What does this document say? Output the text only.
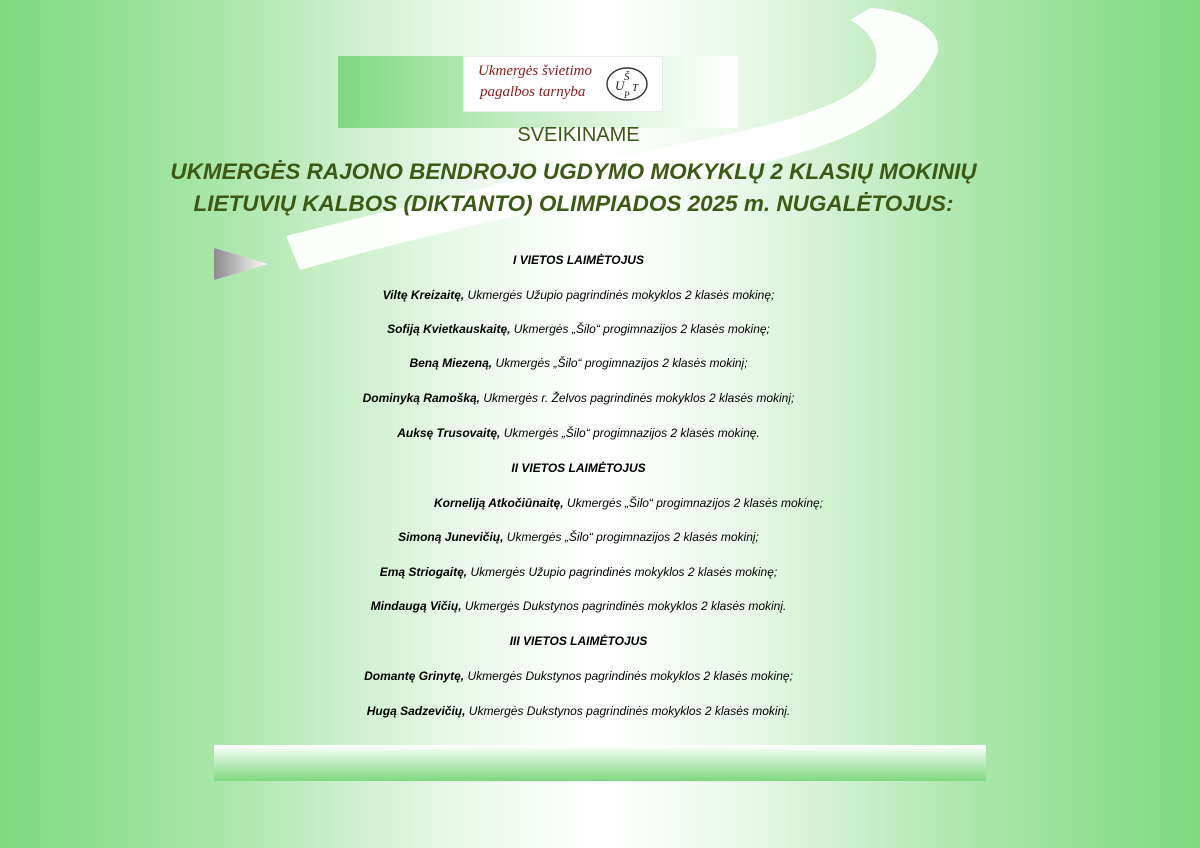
Ukmergės švietimo
pagalbos tarnyba	U
Š
T
P
SVEIKINAME
UKMERGĖS RAJONO BENDROJO UGDYMO MOKYKLŲ 2 KLASIŲ MOKINIŲ
LIETUVIŲ KALBOS (DIKTANTO) OLIMPIADOS 2025 m. NUGALĖTOJUS:
I VIETOS LAIMĖTOJUS
Viltę Kreizaitę, Ukmergės Užupio pagrindinės mokyklos 2 klasės mokinę;
Sofiją Kvietkauskaitę, Ukmergės „Šilo“ progimnazijos 2 klasės mokinę;
Beną Miezeną, Ukmergės „Šilo“ progimnazijos 2 klasės mokinį;
Dominyką Ramošką, Ukmergės r. Želvos pagrindinės mokyklos 2 klasės mokinį;
Auksę Trusovaitę, Ukmergės „Šilo“ progimnazijos 2 klasės mokinę.
II VIETOS LAIMĖTOJUS
Korneliją Atkočiūnaitę, Ukmergės „Šilo“ progimnazijos 2 klasės mokinę;
Simoną Junevičių, Ukmergės „Šilo“ progimnazijos 2 klasės mokinį;
Emą Striogaitę, Ukmergės Užupio pagrindinės mokyklos 2 klasės mokinę;
Mindaugą Vičių, Ukmergės Dukstynos pagrindinės mokyklos 2 klasės mokinį.
III VIETOS LAIMĖTOJUS
Domantę Grinytę, Ukmergės Dukstynos pagrindinės mokyklos 2 klasės mokinę;
Hugą Sadzevičių, Ukmergės Dukstynos pagrindinės mokyklos 2 klasės mokinį.
